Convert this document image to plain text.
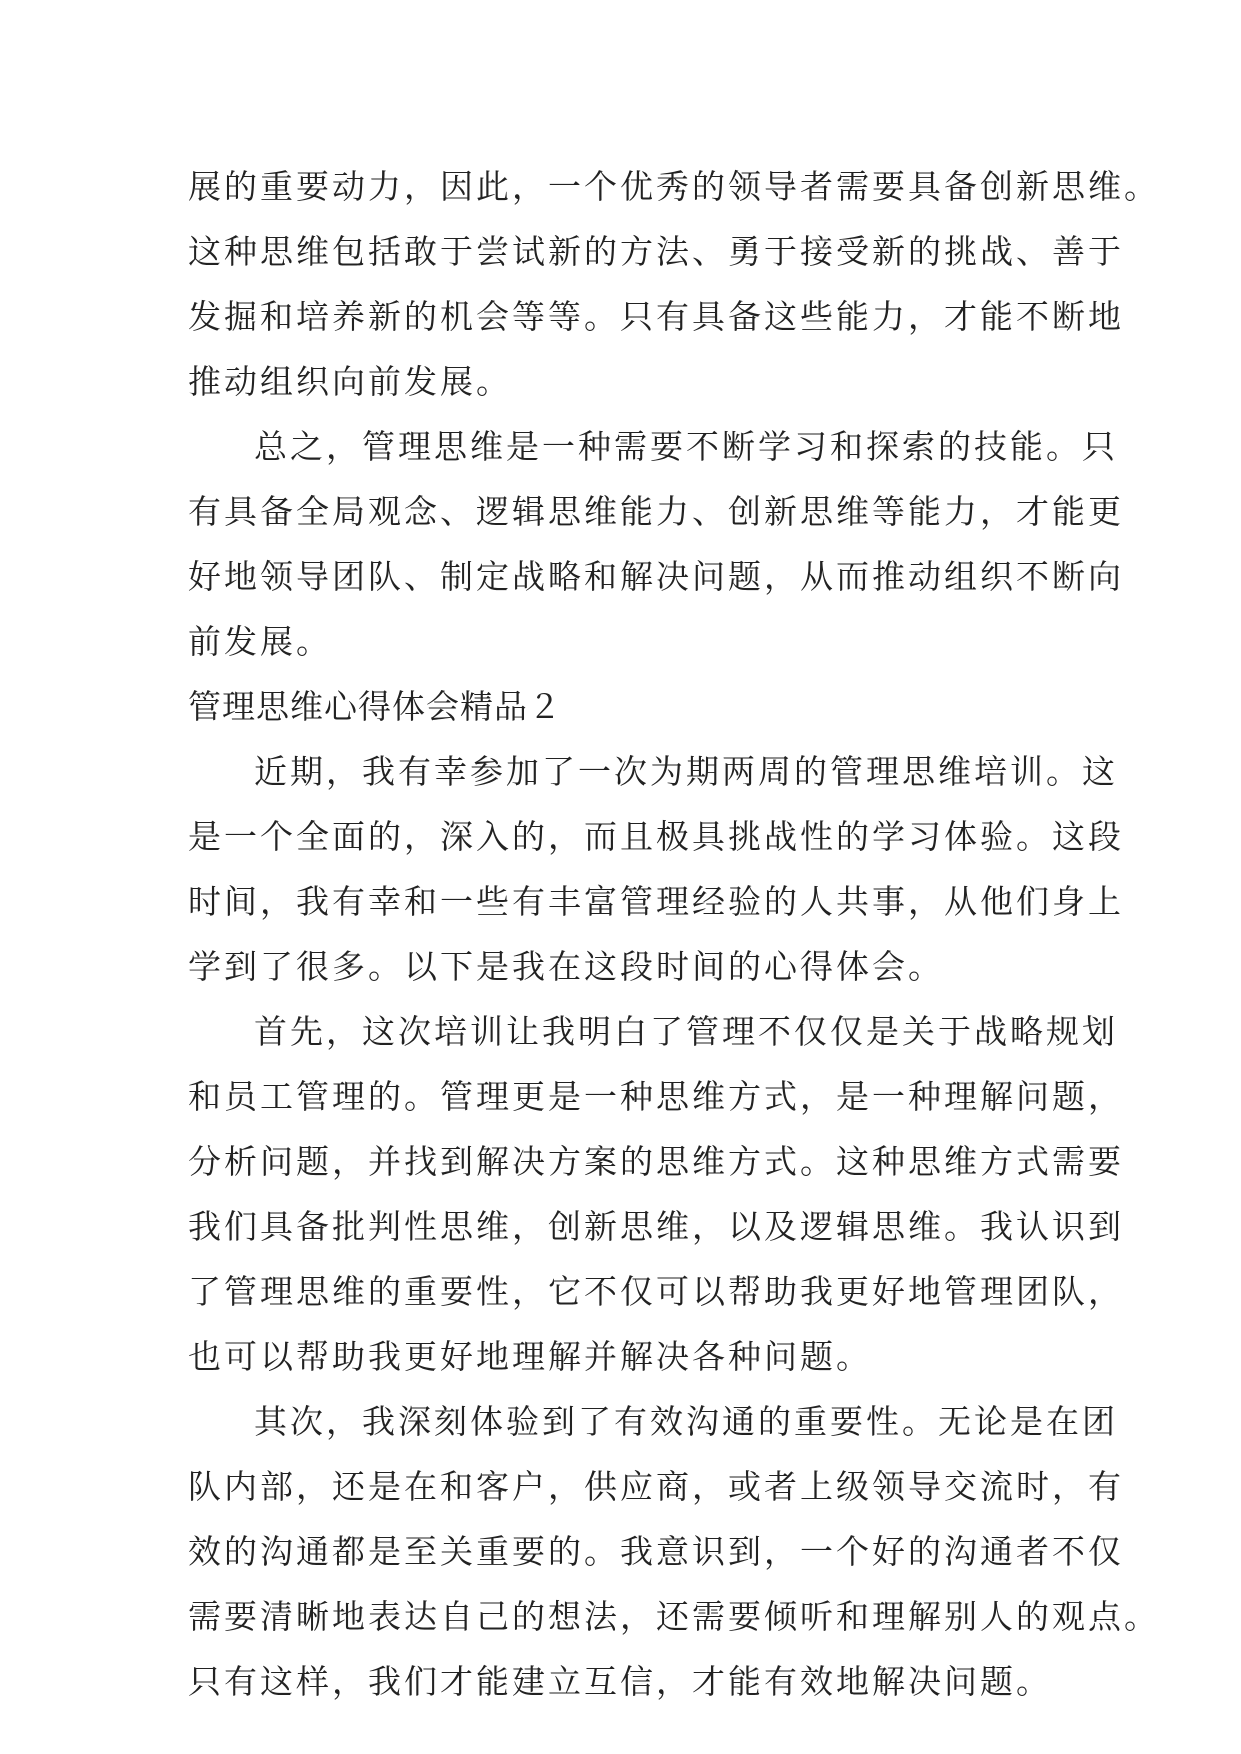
展的重要动力，因此，一个优秀的领导者需要具备创新思维。
这种思维包括敢于尝试新的方法、勇于接受新的挑战、善于
发掘和培养新的机会等等。只有具备这些能力，才能不断地
推动组织向前发展。
总之，管理思维是一种需要不断学习和探索的技能。只
有具备全局观念、逻辑思维能力、创新思维等能力，才能更
好地领导团队、制定战略和解决问题，从而推动组织不断向
前发展。
管理思维心得体会精品２
近期，我有幸参加了一次为期两周的管理思维培训。这
是一个全面的，深入的，而且极具挑战性的学习体验。这段
时间，我有幸和一些有丰富管理经验的人共事，从他们身上
学到了很多。以下是我在这段时间的心得体会。
首先，这次培训让我明白了管理不仅仅是关于战略规划
和员工管理的。管理更是一种思维方式，是一种理解问题，
分析问题，并找到解决方案的思维方式。这种思维方式需要
我们具备批判性思维，创新思维，以及逻辑思维。我认识到
了管理思维的重要性，它不仅可以帮助我更好地管理团队，
也可以帮助我更好地理解并解决各种问题。
其次，我深刻体验到了有效沟通的重要性。无论是在团
队内部，还是在和客户，供应商，或者上级领导交流时，有
效的沟通都是至关重要的。我意识到，一个好的沟通者不仅
需要清晰地表达自己的想法，还需要倾听和理解别人的观点。
只有这样，我们才能建立互信，才能有效地解决问题。
